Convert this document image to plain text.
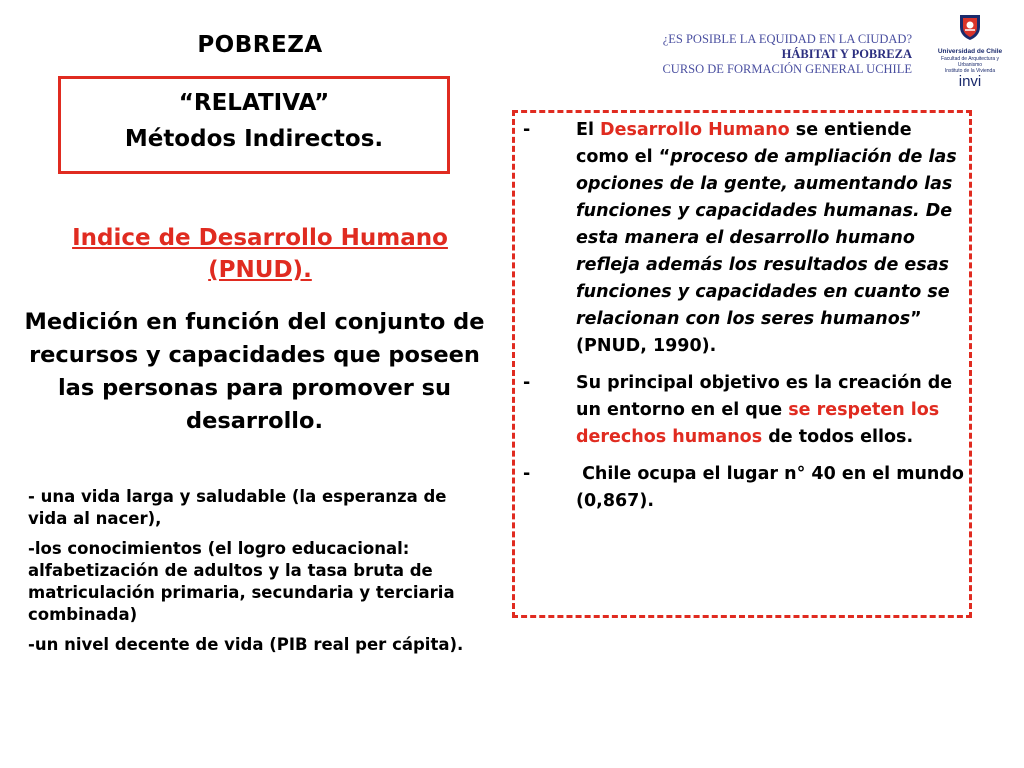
POBREZA
“RELATIVA”
Métodos Indirectos.
Indice de Desarrollo Humano (PNUD).
Medición en función del conjunto de recursos y capacidades que poseen las personas para promover su desarrollo.

- una vida larga y saludable (la esperanza de vida al nacer),

-los conocimientos (el logro educacional: alfabetización de adultos y la tasa bruta de matriculación primaria, secundaria y terciaria combinada)

-un nivel decente de vida (PIB real per cápita).

¿ES POSIBLE LA EQUIDAD EN LA CIUDAD?
HÁBITAT Y POBREZA
CURSO DE FORMACIÓN GENERAL UCHILE
Universidad de Chile
Facultad de Arquitectura y Urbanismo
Instituto de la Vivienda
invi
-	El Desarrollo Humano se entiende como el “proceso de ampliación de las opciones de la gente, aumentando las funciones y capacidades humanas. De esta manera el desarrollo humano refleja además los resultados de esas funciones y capacidades en cuanto se relacionan con los seres humanos” (PNUD, 1990).
-	Su principal objetivo es la creación de un entorno en el que se respeten los derechos humanos de todos ellos.
-	Chile ocupa el lugar n° 40 en el mundo (0,867).
